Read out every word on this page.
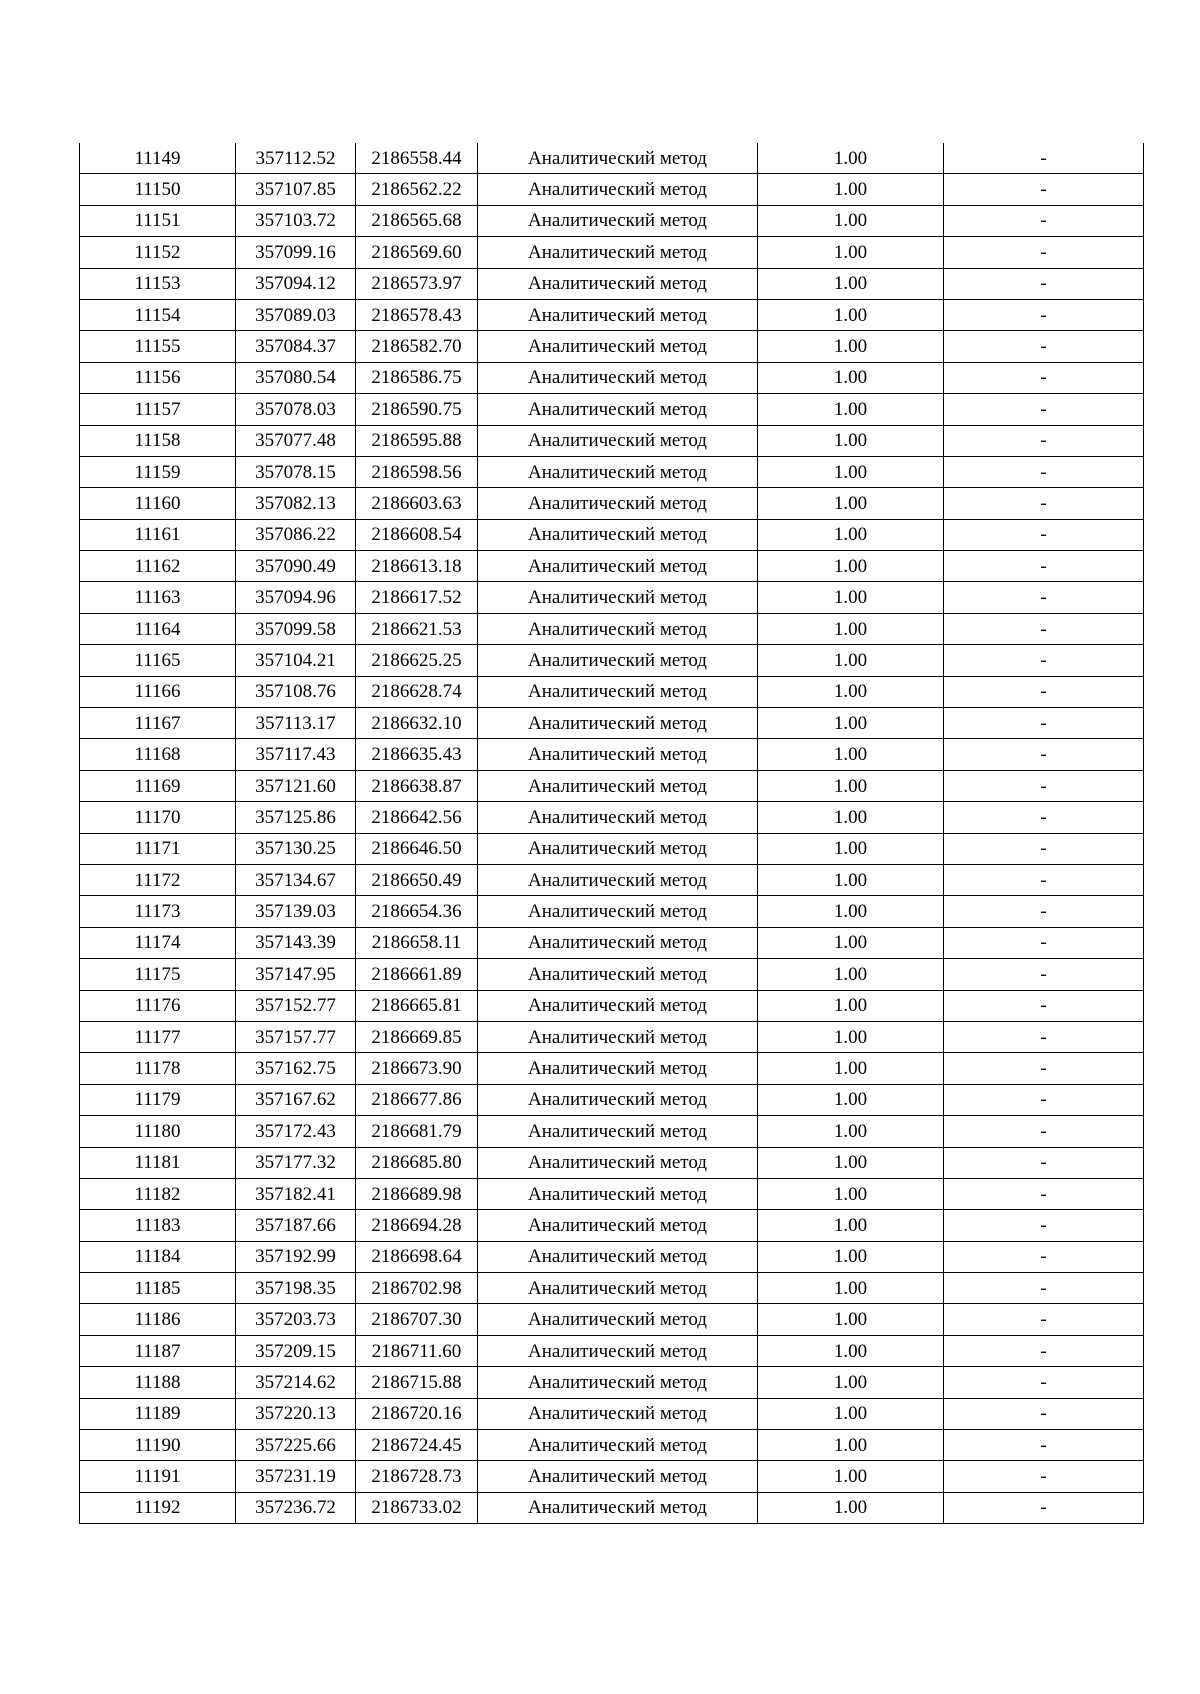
11149	357112.52	2186558.44	Аналитический метод	1.00	-
11150	357107.85	2186562.22	Аналитический метод	1.00	-
11151	357103.72	2186565.68	Аналитический метод	1.00	-
11152	357099.16	2186569.60	Аналитический метод	1.00	-
11153	357094.12	2186573.97	Аналитический метод	1.00	-
11154	357089.03	2186578.43	Аналитический метод	1.00	-
11155	357084.37	2186582.70	Аналитический метод	1.00	-
11156	357080.54	2186586.75	Аналитический метод	1.00	-
11157	357078.03	2186590.75	Аналитический метод	1.00	-
11158	357077.48	2186595.88	Аналитический метод	1.00	-
11159	357078.15	2186598.56	Аналитический метод	1.00	-
11160	357082.13	2186603.63	Аналитический метод	1.00	-
11161	357086.22	2186608.54	Аналитический метод	1.00	-
11162	357090.49	2186613.18	Аналитический метод	1.00	-
11163	357094.96	2186617.52	Аналитический метод	1.00	-
11164	357099.58	2186621.53	Аналитический метод	1.00	-
11165	357104.21	2186625.25	Аналитический метод	1.00	-
11166	357108.76	2186628.74	Аналитический метод	1.00	-
11167	357113.17	2186632.10	Аналитический метод	1.00	-
11168	357117.43	2186635.43	Аналитический метод	1.00	-
11169	357121.60	2186638.87	Аналитический метод	1.00	-
11170	357125.86	2186642.56	Аналитический метод	1.00	-
11171	357130.25	2186646.50	Аналитический метод	1.00	-
11172	357134.67	2186650.49	Аналитический метод	1.00	-
11173	357139.03	2186654.36	Аналитический метод	1.00	-
11174	357143.39	2186658.11	Аналитический метод	1.00	-
11175	357147.95	2186661.89	Аналитический метод	1.00	-
11176	357152.77	2186665.81	Аналитический метод	1.00	-
11177	357157.77	2186669.85	Аналитический метод	1.00	-
11178	357162.75	2186673.90	Аналитический метод	1.00	-
11179	357167.62	2186677.86	Аналитический метод	1.00	-
11180	357172.43	2186681.79	Аналитический метод	1.00	-
11181	357177.32	2186685.80	Аналитический метод	1.00	-
11182	357182.41	2186689.98	Аналитический метод	1.00	-
11183	357187.66	2186694.28	Аналитический метод	1.00	-
11184	357192.99	2186698.64	Аналитический метод	1.00	-
11185	357198.35	2186702.98	Аналитический метод	1.00	-
11186	357203.73	2186707.30	Аналитический метод	1.00	-
11187	357209.15	2186711.60	Аналитический метод	1.00	-
11188	357214.62	2186715.88	Аналитический метод	1.00	-
11189	357220.13	2186720.16	Аналитический метод	1.00	-
11190	357225.66	2186724.45	Аналитический метод	1.00	-
11191	357231.19	2186728.73	Аналитический метод	1.00	-
11192	357236.72	2186733.02	Аналитический метод	1.00	-
